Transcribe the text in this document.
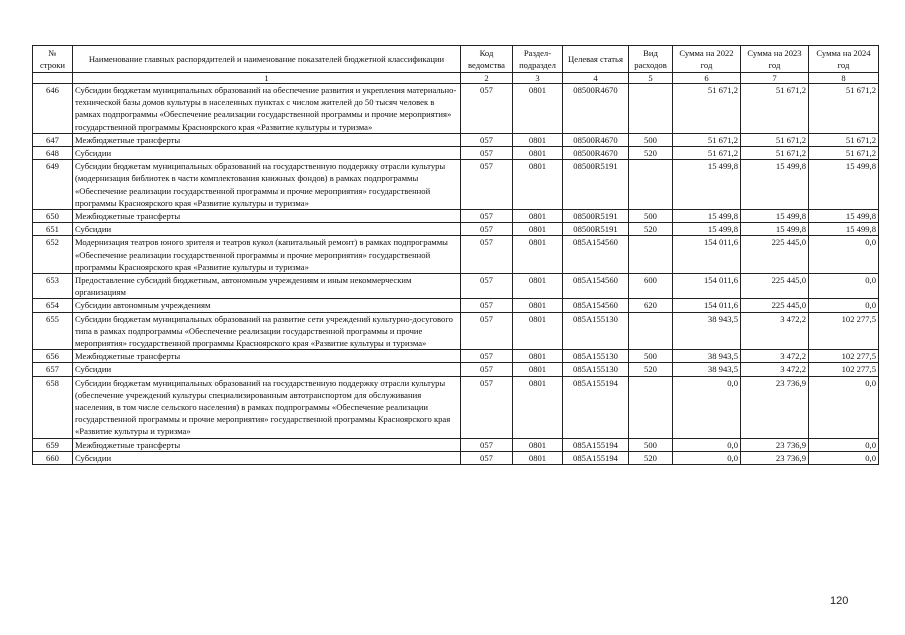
№ строки	Наименование главных распорядителей и наименование показателей бюджетной классификации	Код ведомства	Раздел-подраздел	Целевая статья	Вид расходов	Сумма на 2022 год	Сумма на 2023 год	Сумма на 2024 год
	1	2	3	4	5	6	7	8
646	Субсидии бюджетам муниципальных образований на обеспечение развития и укрепления материально-технической базы домов культуры в населенных пунктах с числом жителей до 50 тысяч человек в рамках подпрограммы «Обеспечение реализации государственной программы и прочие мероприятия» государственной программы Красноярского края «Развитие культуры и туризма»	057	0801	08500R4670		51 671,2	51 671,2	51 671,2
647	Межбюджетные трансферты	057	0801	08500R4670	500	51 671,2	51 671,2	51 671,2
648	Субсидии	057	0801	08500R4670	520	51 671,2	51 671,2	51 671,2
649	Субсидии бюджетам муниципальных образований на государственную поддержку отрасли культуры (модернизация библиотек в части комплектования книжных фондов) в рамках подпрограммы «Обеспечение реализации государственной программы и прочие мероприятия» государственной программы Красноярского края «Развитие культуры и туризма»	057	0801	08500R5191		15 499,8	15 499,8	15 499,8
650	Межбюджетные трансферты	057	0801	08500R5191	500	15 499,8	15 499,8	15 499,8
651	Субсидии	057	0801	08500R5191	520	15 499,8	15 499,8	15 499,8
652	Модернизация театров юного зрителя и театров кукол (капитальный ремонт) в рамках подпрограммы «Обеспечение реализации государственной программы и прочие мероприятия» государственной программы Красноярского края «Развитие культуры и туризма»	057	0801	085A154560		154 011,6	225 445,0	0,0
653	Предоставление субсидий бюджетным, автономным учреждениям и иным некоммерческим организациям	057	0801	085A154560	600	154 011,6	225 445,0	0,0
654	Субсидии автономным учреждениям	057	0801	085A154560	620	154 011,6	225 445,0	0,0
655	Субсидии бюджетам муниципальных образований на развитие сети учреждений культурно-досугового типа в рамках подпрограммы «Обеспечение реализации государственной программы и прочие мероприятия» государственной программы Красноярского края «Развитие культуры и туризма»	057	0801	085A155130		38 943,5	3 472,2	102 277,5
656	Межбюджетные трансферты	057	0801	085A155130	500	38 943,5	3 472,2	102 277,5
657	Субсидии	057	0801	085A155130	520	38 943,5	3 472,2	102 277,5
658	Субсидии бюджетам муниципальных образований на государственную поддержку отрасли культуры (обеспечение учреждений культуры специализированным автотранспортом для обслуживания населения, в том числе сельского населения) в рамках подпрограммы «Обеспечение реализации государственной программы и прочие мероприятия» государственной программы Красноярского края «Развитие культуры и туризма»	057	0801	085A155194		0,0	23 736,9	0,0
659	Межбюджетные трансферты	057	0801	085A155194	500	0,0	23 736,9	0,0
660	Субсидии	057	0801	085A155194	520	0,0	23 736,9	0,0
120
